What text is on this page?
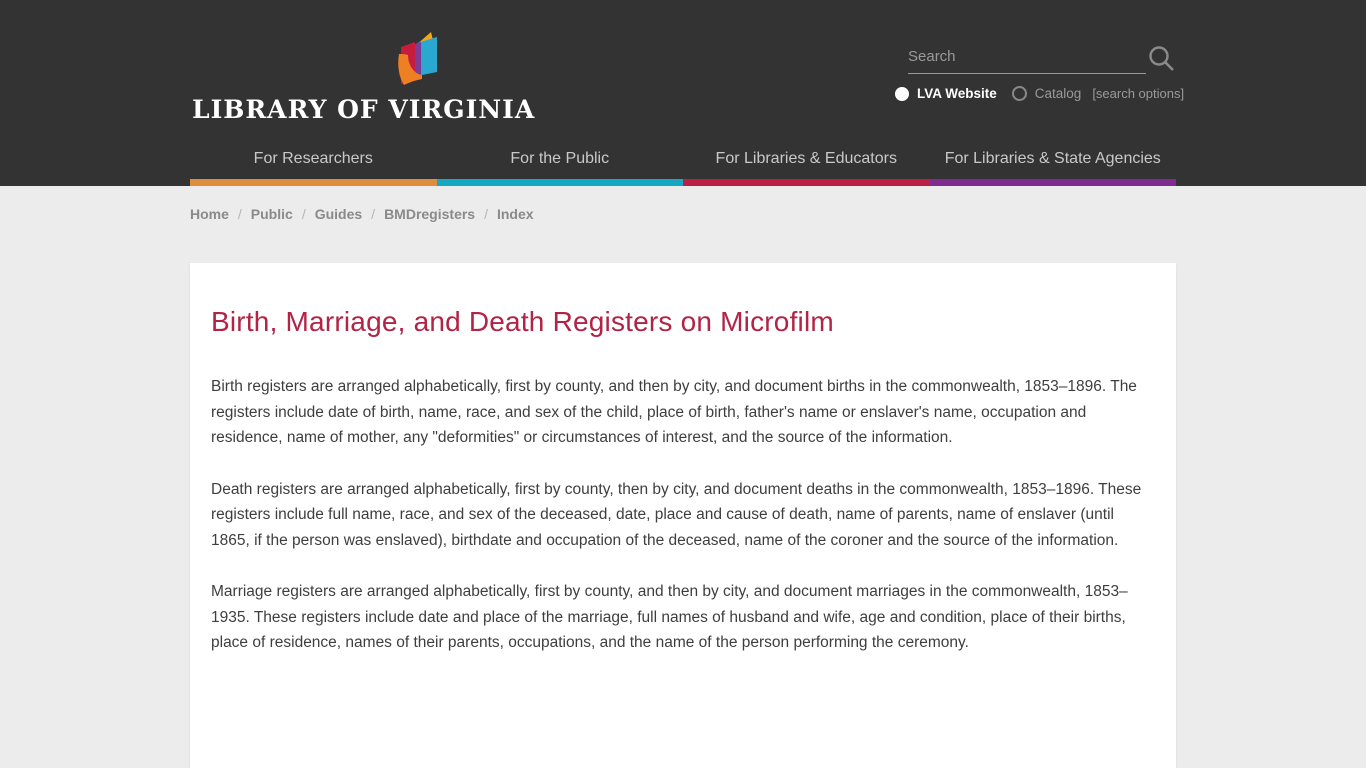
LIBRARY OF VIRGINIA
Search
LVA Website	Catalog [search options]
For Researchers	For the Public	For Libraries & Educators	For Libraries & State Agencies
Home / Public / Guides / BMDregisters / Index
Birth, Marriage, and Death Registers on Microfilm

Birth registers are arranged alphabetically, first by county, and then by city, and document births in the commonwealth, 1853–1896. The registers include date of birth, name, race, and sex of the child, place of birth, father's name or enslaver's name, occupation and residence, name of mother, any "deformities" or circumstances of interest, and the source of the information.

Death registers are arranged alphabetically, first by county, then by city, and document deaths in the commonwealth, 1853–1896. These registers include full name, race, and sex of the deceased, date, place and cause of death, name of parents, name of enslaver (until 1865, if the person was enslaved), birthdate and occupation of the deceased, name of the coroner and the source of the information.

Marriage registers are arranged alphabetically, first by county, and then by city, and document marriages in the commonwealth, 1853–1935. These registers include date and place of the marriage, full names of husband and wife, age and condition, place of their births, place of residence, names of their parents, occupations, and the name of the person performing the ceremony.
